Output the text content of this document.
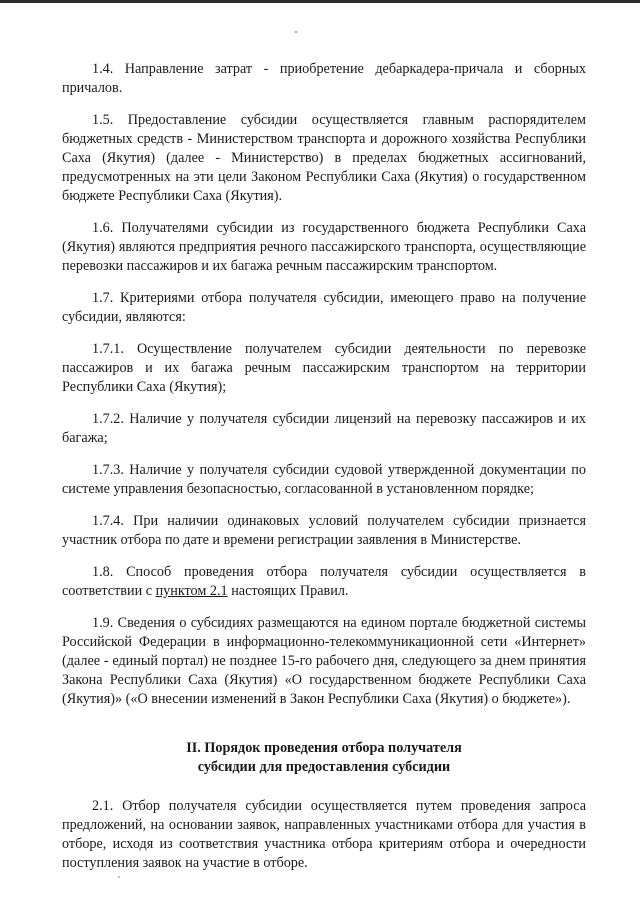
1.4. Направление затрат - приобретение дебаркадера-причала и сборных причалов.

1.5. Предоставление субсидии осуществляется главным распорядителем бюджетных средств - Министерством транспорта и дорожного хозяйства Республики Саха (Якутия) (далее - Министерство) в пределах бюджетных ассигнований, предусмотренных на эти цели Законом Республики Саха (Якутия) о государственном бюджете Республики Саха (Якутия).

1.6. Получателями субсидии из государственного бюджета Республики Саха (Якутия) являются предприятия речного пассажирского транспорта, осуществляющие перевозки пассажиров и их багажа речным пассажирским транспортом.

1.7. Критериями отбора получателя субсидии, имеющего право на получение субсидии, являются:

1.7.1. Осуществление получателем субсидии деятельности по перевозке пассажиров и их багажа речным пассажирским транспортом на территории Республики Саха (Якутия);

1.7.2. Наличие у получателя субсидии лицензий на перевозку пассажиров и их багажа;

1.7.3. Наличие у получателя субсидии судовой утвержденной документации по системе управления безопасностью, согласованной в установленном порядке;

1.7.4. При наличии одинаковых условий получателем субсидии признается участник отбора по дате и времени регистрации заявления в Министерстве.

1.8. Способ проведения отбора получателя субсидии осуществляется в соответствии с пунктом 2.1 настоящих Правил.

1.9. Сведения о субсидиях размещаются на едином портале бюджетной системы Российской Федерации в информационно-телекоммуникационной сети «Интернет» (далее - единый портал) не позднее 15-го рабочего дня, следующего за днем принятия Закона Республики Саха (Якутия) «О государственном бюджете Республики Саха (Якутия)» («О внесении изменений в Закон Республики Саха (Якутия) о бюджете»).

II. Порядок проведения отбора получателя
субсидии для предоставления субсидии

2.1. Отбор получателя субсидии осуществляется путем проведения запроса предложений, на основании заявок, направленных участниками отбора для участия в отборе, исходя из соответствия участника отбора критериям отбора и очередности поступления заявок на участие в отборе.
